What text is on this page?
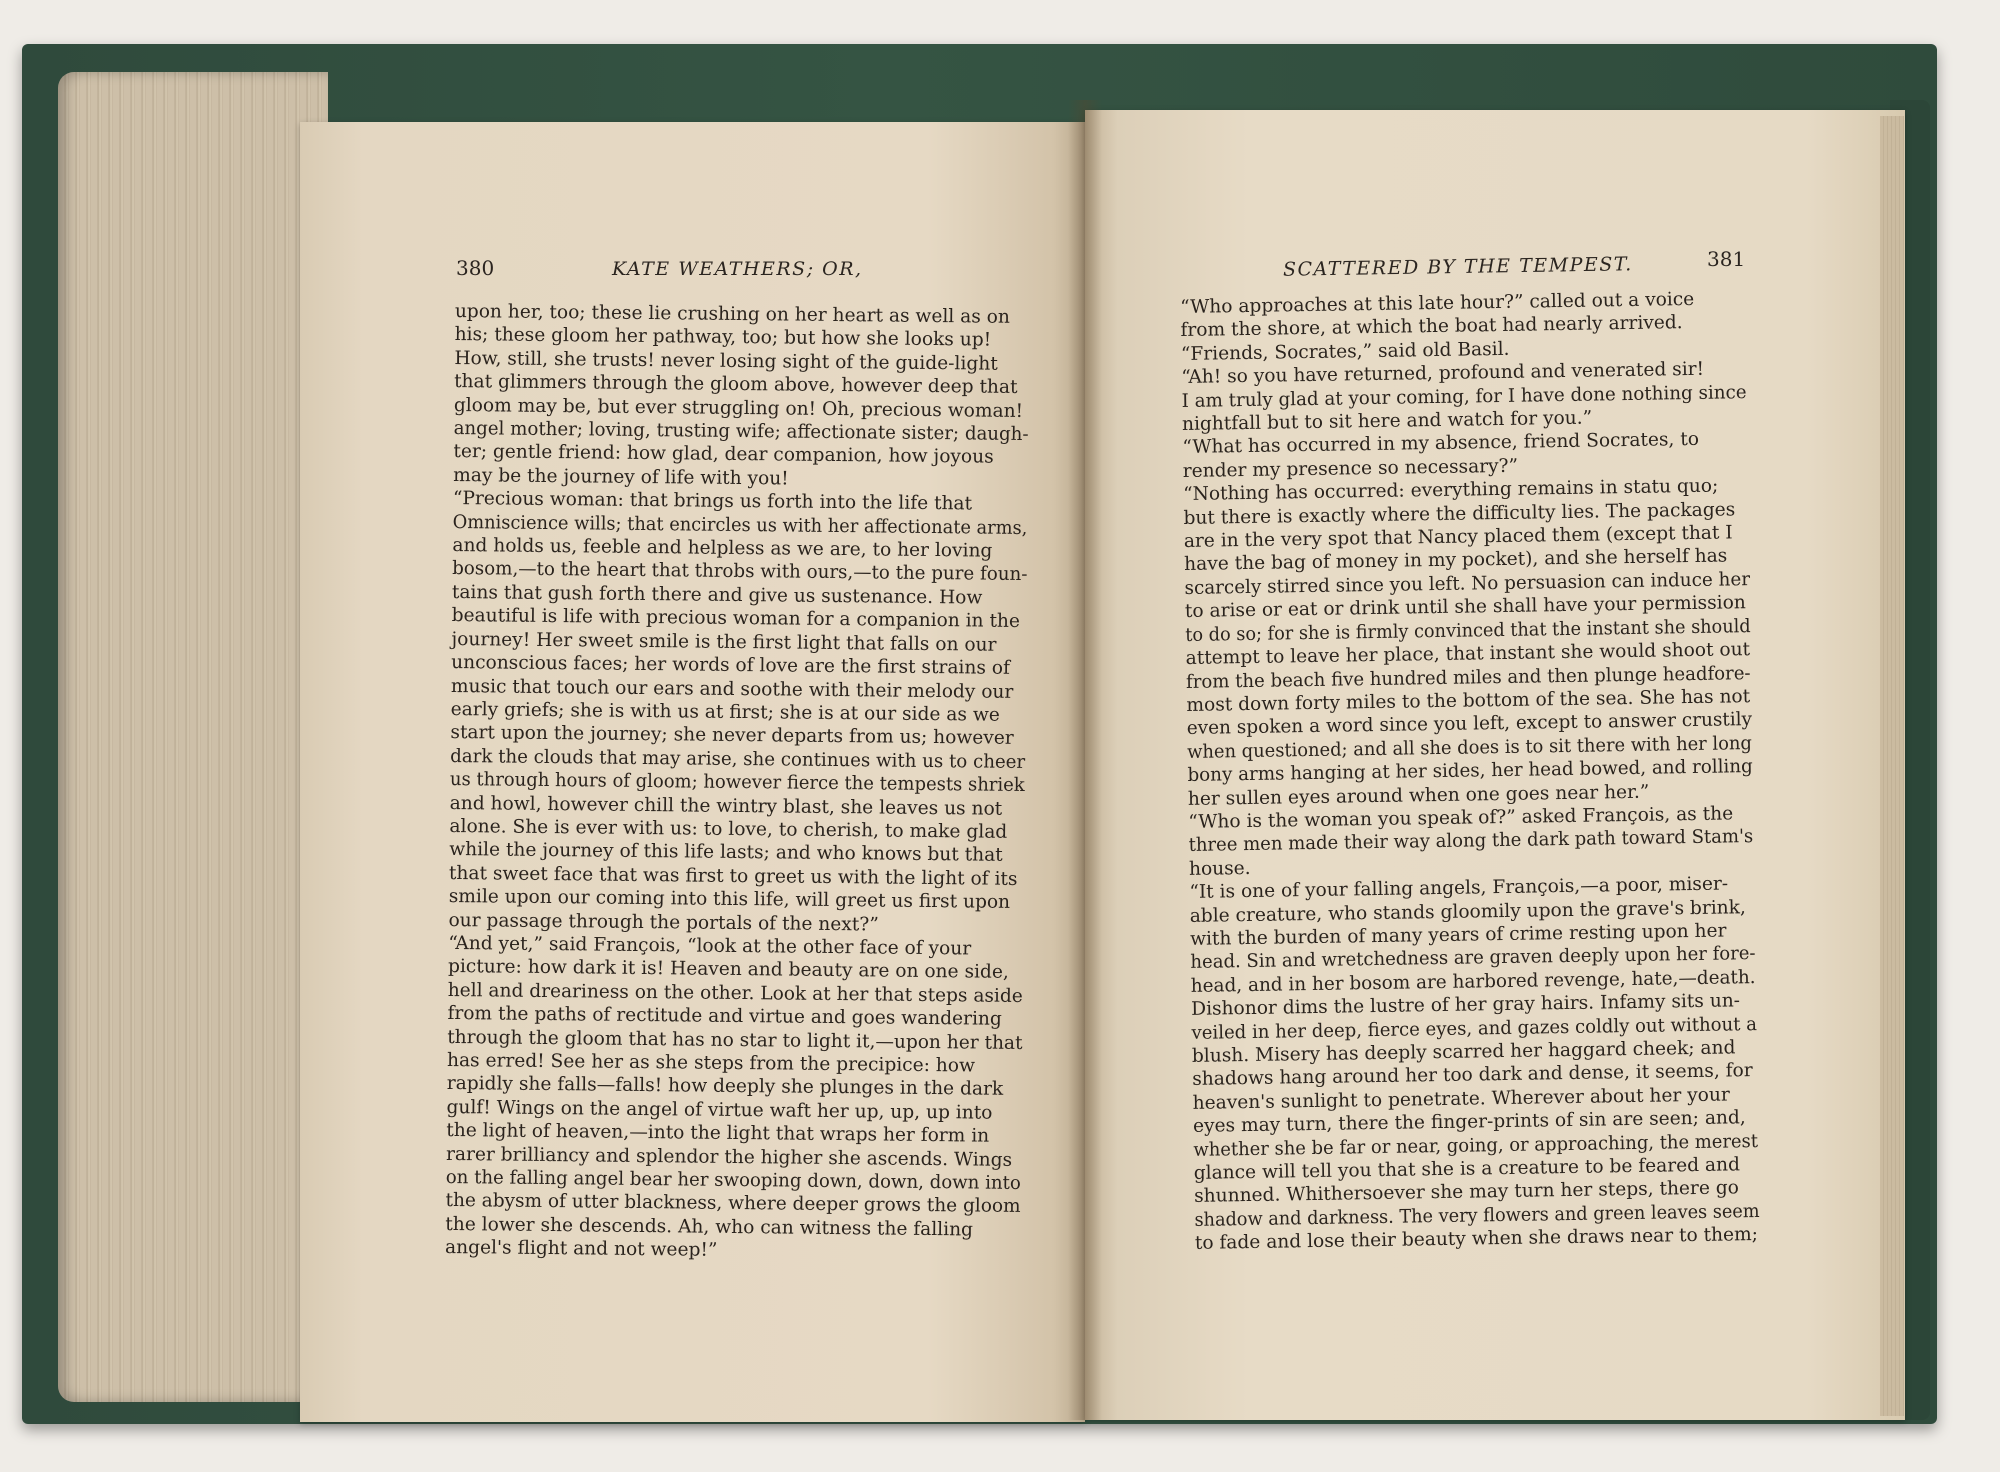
380	KATE WEATHERS; OR,	SCATTERED BY THE TEMPEST.	381

upon her, too; these lie crushing on her heart as well as on
his; these gloom her pathway, too; but how she looks up!
How, still, she trusts! never losing sight of the guide-light
that glimmers through the gloom above, however deep that
gloom may be, but ever struggling on! Oh, precious woman!
angel mother; loving, trusting wife; affectionate sister; daugh-
ter; gentle friend: how glad, dear companion, how joyous
may be the journey of life with you!
“Precious woman: that brings us forth into the life that
Omniscience wills; that encircles us with her affectionate arms,
and holds us, feeble and helpless as we are, to her loving
bosom,—to the heart that throbs with ours,—to the pure foun-
tains that gush forth there and give us sustenance. How
beautiful is life with precious woman for a companion in the
journey! Her sweet smile is the first light that falls on our
unconscious faces; her words of love are the first strains of
music that touch our ears and soothe with their melody our
early griefs; she is with us at first; she is at our side as we
start upon the journey; she never departs from us; however
dark the clouds that may arise, she continues with us to cheer
us through hours of gloom; however fierce the tempests shriek
and howl, however chill the wintry blast, she leaves us not
alone. She is ever with us: to love, to cherish, to make glad
while the journey of this life lasts; and who knows but that
that sweet face that was first to greet us with the light of its
smile upon our coming into this life, will greet us first upon
our passage through the portals of the next?”
“And yet,” said François, “look at the other face of your
picture: how dark it is! Heaven and beauty are on one side,
hell and dreariness on the other. Look at her that steps aside
from the paths of rectitude and virtue and goes wandering
through the gloom that has no star to light it,—upon her that
has erred! See her as she steps from the precipice: how
rapidly she falls—falls! how deeply she plunges in the dark
gulf! Wings on the angel of virtue waft her up, up, up into
the light of heaven,—into the light that wraps her form in
rarer brilliancy and splendor the higher she ascends. Wings
on the falling angel bear her swooping down, down, down into
the abysm of utter blackness, where deeper grows the gloom
the lower she descends. Ah, who can witness the falling
angel's flight and not weep!”
“Who approaches at this late hour?” called out a voice
from the shore, at which the boat had nearly arrived.
“Friends, Socrates,” said old Basil.
“Ah! so you have returned, profound and venerated sir!
I am truly glad at your coming, for I have done nothing since
nightfall but to sit here and watch for you.”
“What has occurred in my absence, friend Socrates, to
render my presence so necessary?”
“Nothing has occurred: everything remains in statu quo;
but there is exactly where the difficulty lies. The packages
are in the very spot that Nancy placed them (except that I
have the bag of money in my pocket), and she herself has
scarcely stirred since you left. No persuasion can induce her
to arise or eat or drink until she shall have your permission
to do so; for she is firmly convinced that the instant she should
attempt to leave her place, that instant she would shoot out
from the beach five hundred miles and then plunge headfore-
most down forty miles to the bottom of the sea. She has not
even spoken a word since you left, except to answer crustily
when questioned; and all she does is to sit there with her long
bony arms hanging at her sides, her head bowed, and rolling
her sullen eyes around when one goes near her.”
“Who is the woman you speak of?” asked François, as the
three men made their way along the dark path toward Stam's
house.
“It is one of your falling angels, François,—a poor, miser-
able creature, who stands gloomily upon the grave's brink,
with the burden of many years of crime resting upon her
head. Sin and wretchedness are graven deeply upon her fore-
head, and in her bosom are harbored revenge, hate,—death.
Dishonor dims the lustre of her gray hairs. Infamy sits un-
veiled in her deep, fierce eyes, and gazes coldly out without a
blush. Misery has deeply scarred her haggard cheek; and
shadows hang around her too dark and dense, it seems, for
heaven's sunlight to penetrate. Wherever about her your
eyes may turn, there the finger-prints of sin are seen; and,
whether she be far or near, going, or approaching, the merest
glance will tell you that she is a creature to be feared and
shunned. Whithersoever she may turn her steps, there go
shadow and darkness. The very flowers and green leaves seem
to fade and lose their beauty when she draws near to them;
